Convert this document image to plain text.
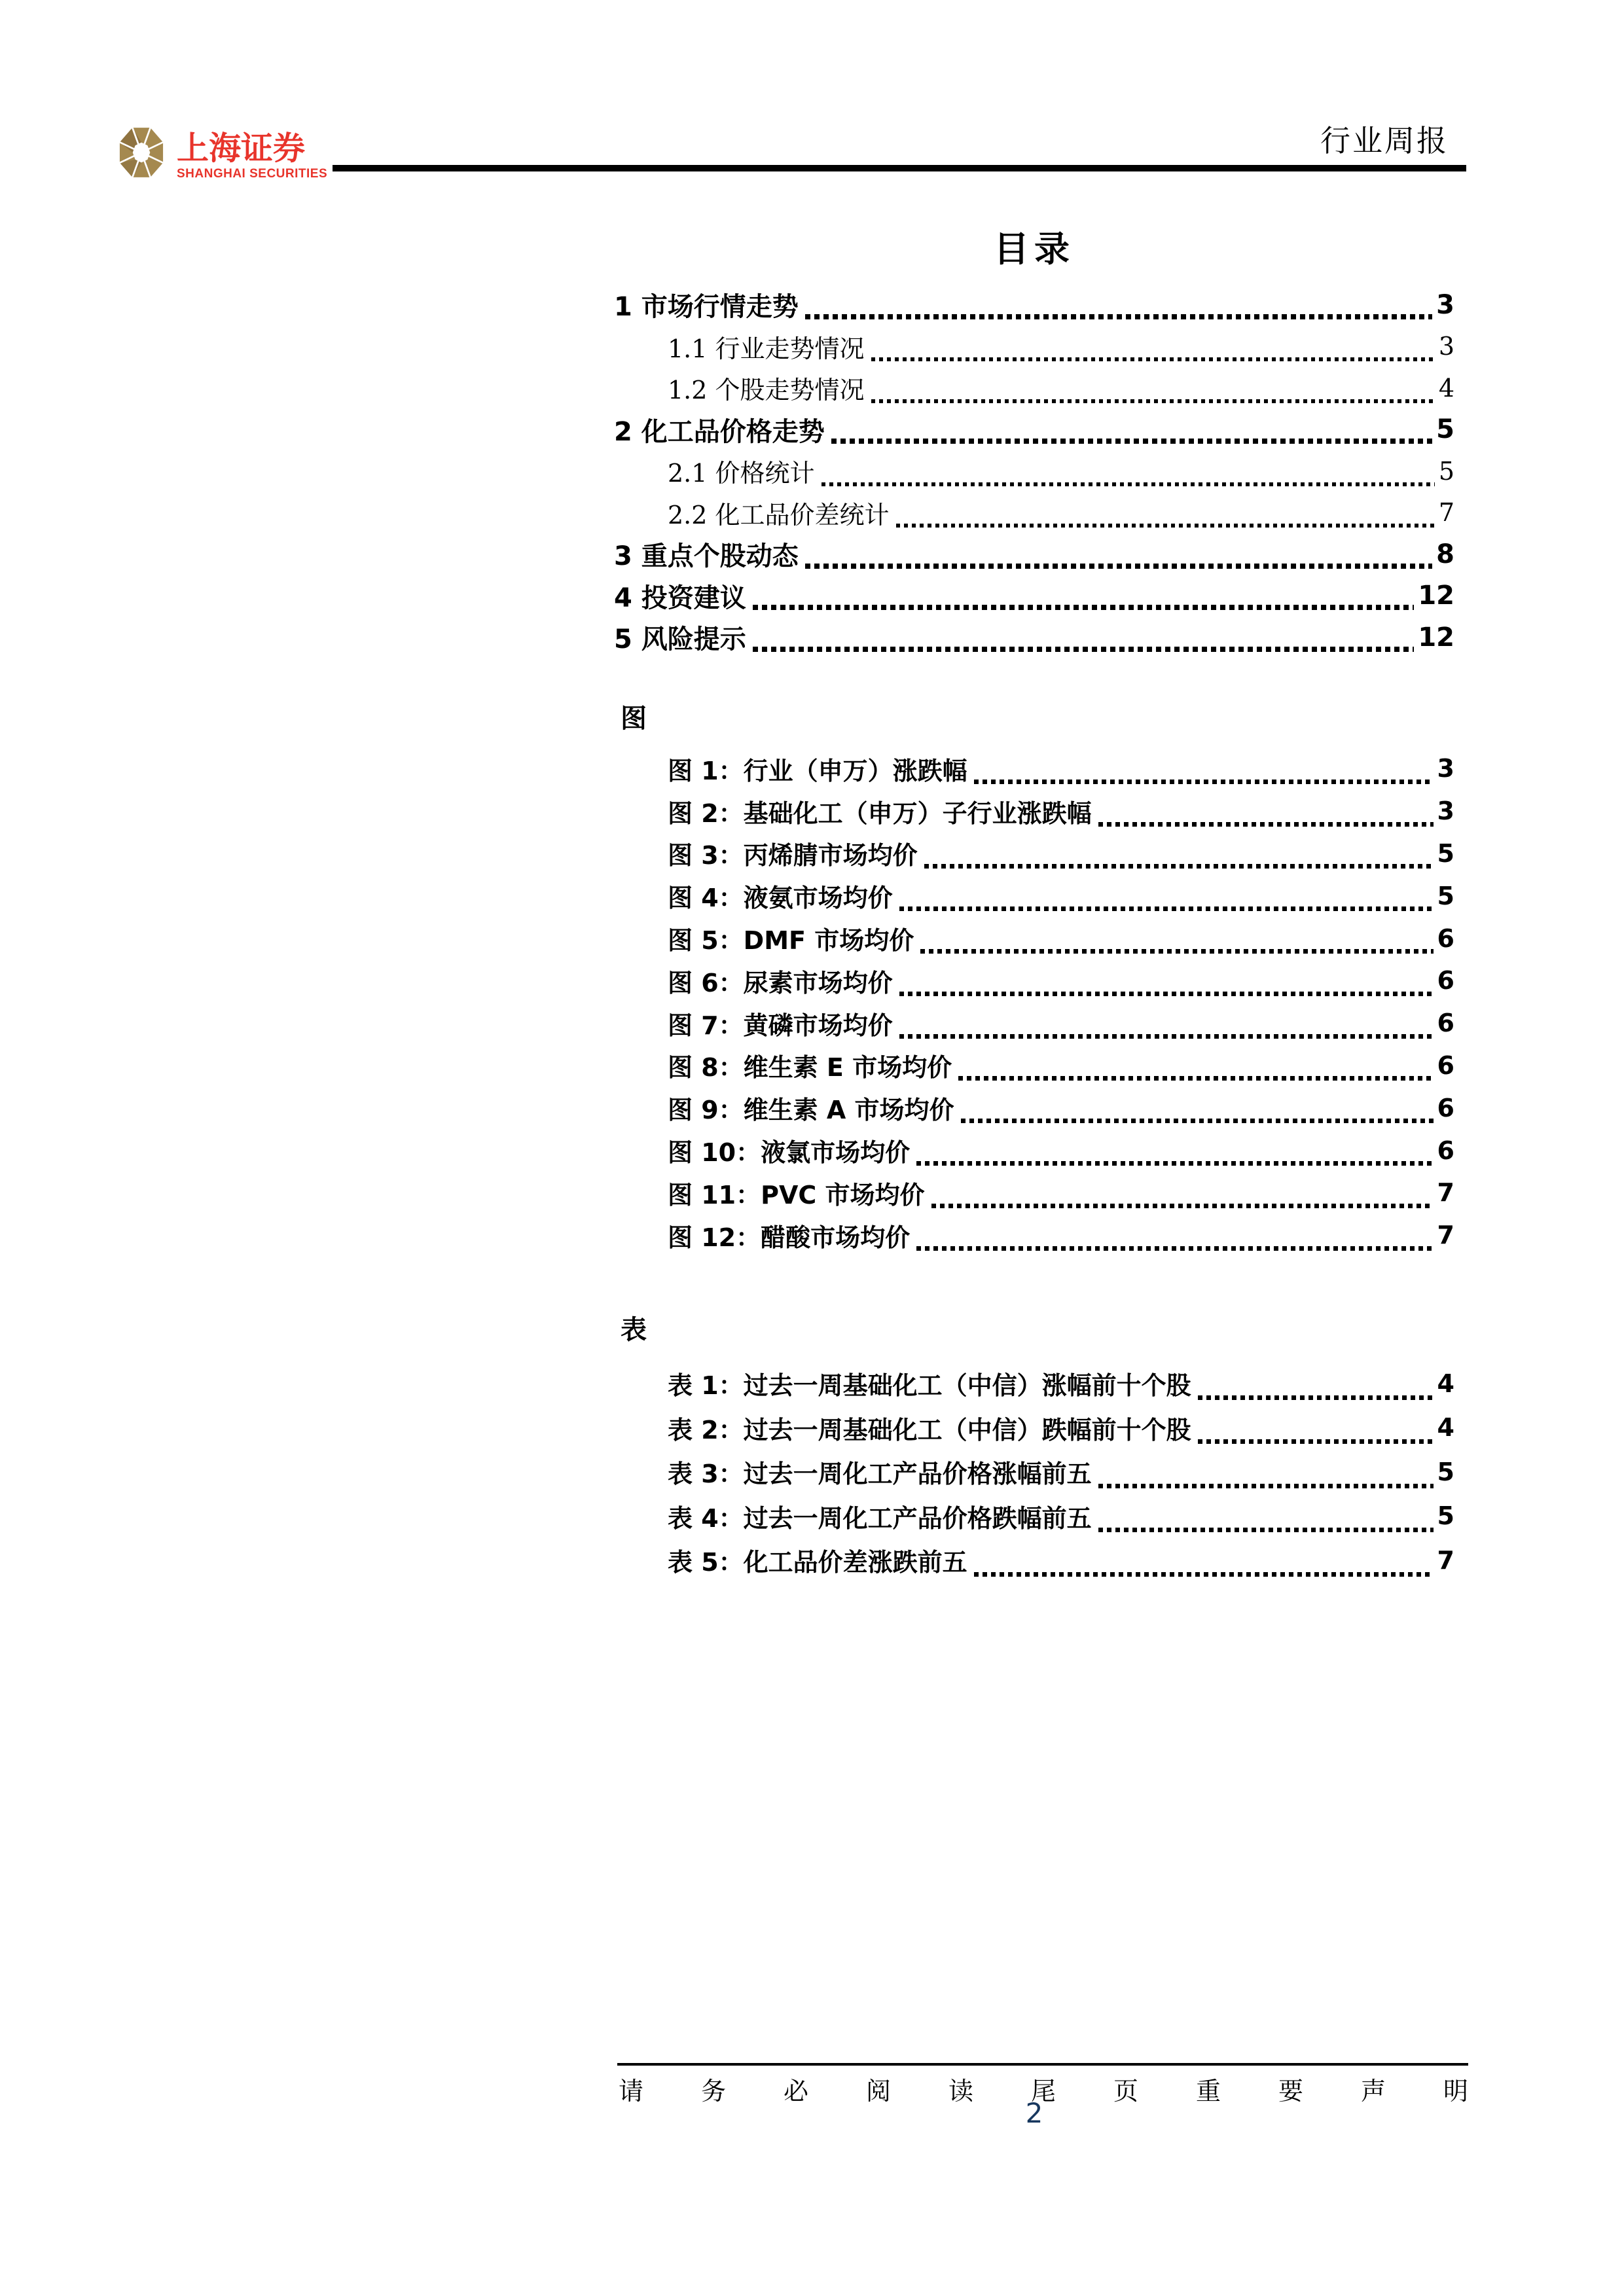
上海证券
SHANGHAI SECURITIES
行业周报
目录
1 市场行情走势	3
1.1 行业走势情况	3
1.2 个股走势情况	4
2 化工品价格走势	5
2.1 价格统计	5
2.2 化工品价差统计	7
3 重点个股动态	8
4 投资建议	12
5 风险提示	12
图
图 1：行业（申万）涨跌幅	3
图 2：基础化工（申万）子行业涨跌幅	3
图 3：丙烯腈市场均价	5
图 4：液氨市场均价	5
图 5：DMF 市场均价	6
图 6：尿素市场均价	6
图 7：黄磷市场均价	6
图 8：维生素 E 市场均价	6
图 9：维生素 A 市场均价	6
图 10：液氯市场均价	6
图 11：PVC 市场均价	7
图 12：醋酸市场均价	7
表
表 1：过去一周基础化工（中信）涨幅前十个股	4
表 2：过去一周基础化工（中信）跌幅前十个股	4
表 3：过去一周化工产品价格涨幅前五	5
表 4：过去一周化工产品价格跌幅前五	5
表 5：化工品价差涨跌前五	7
请务必阅读尾页重要声明
2
